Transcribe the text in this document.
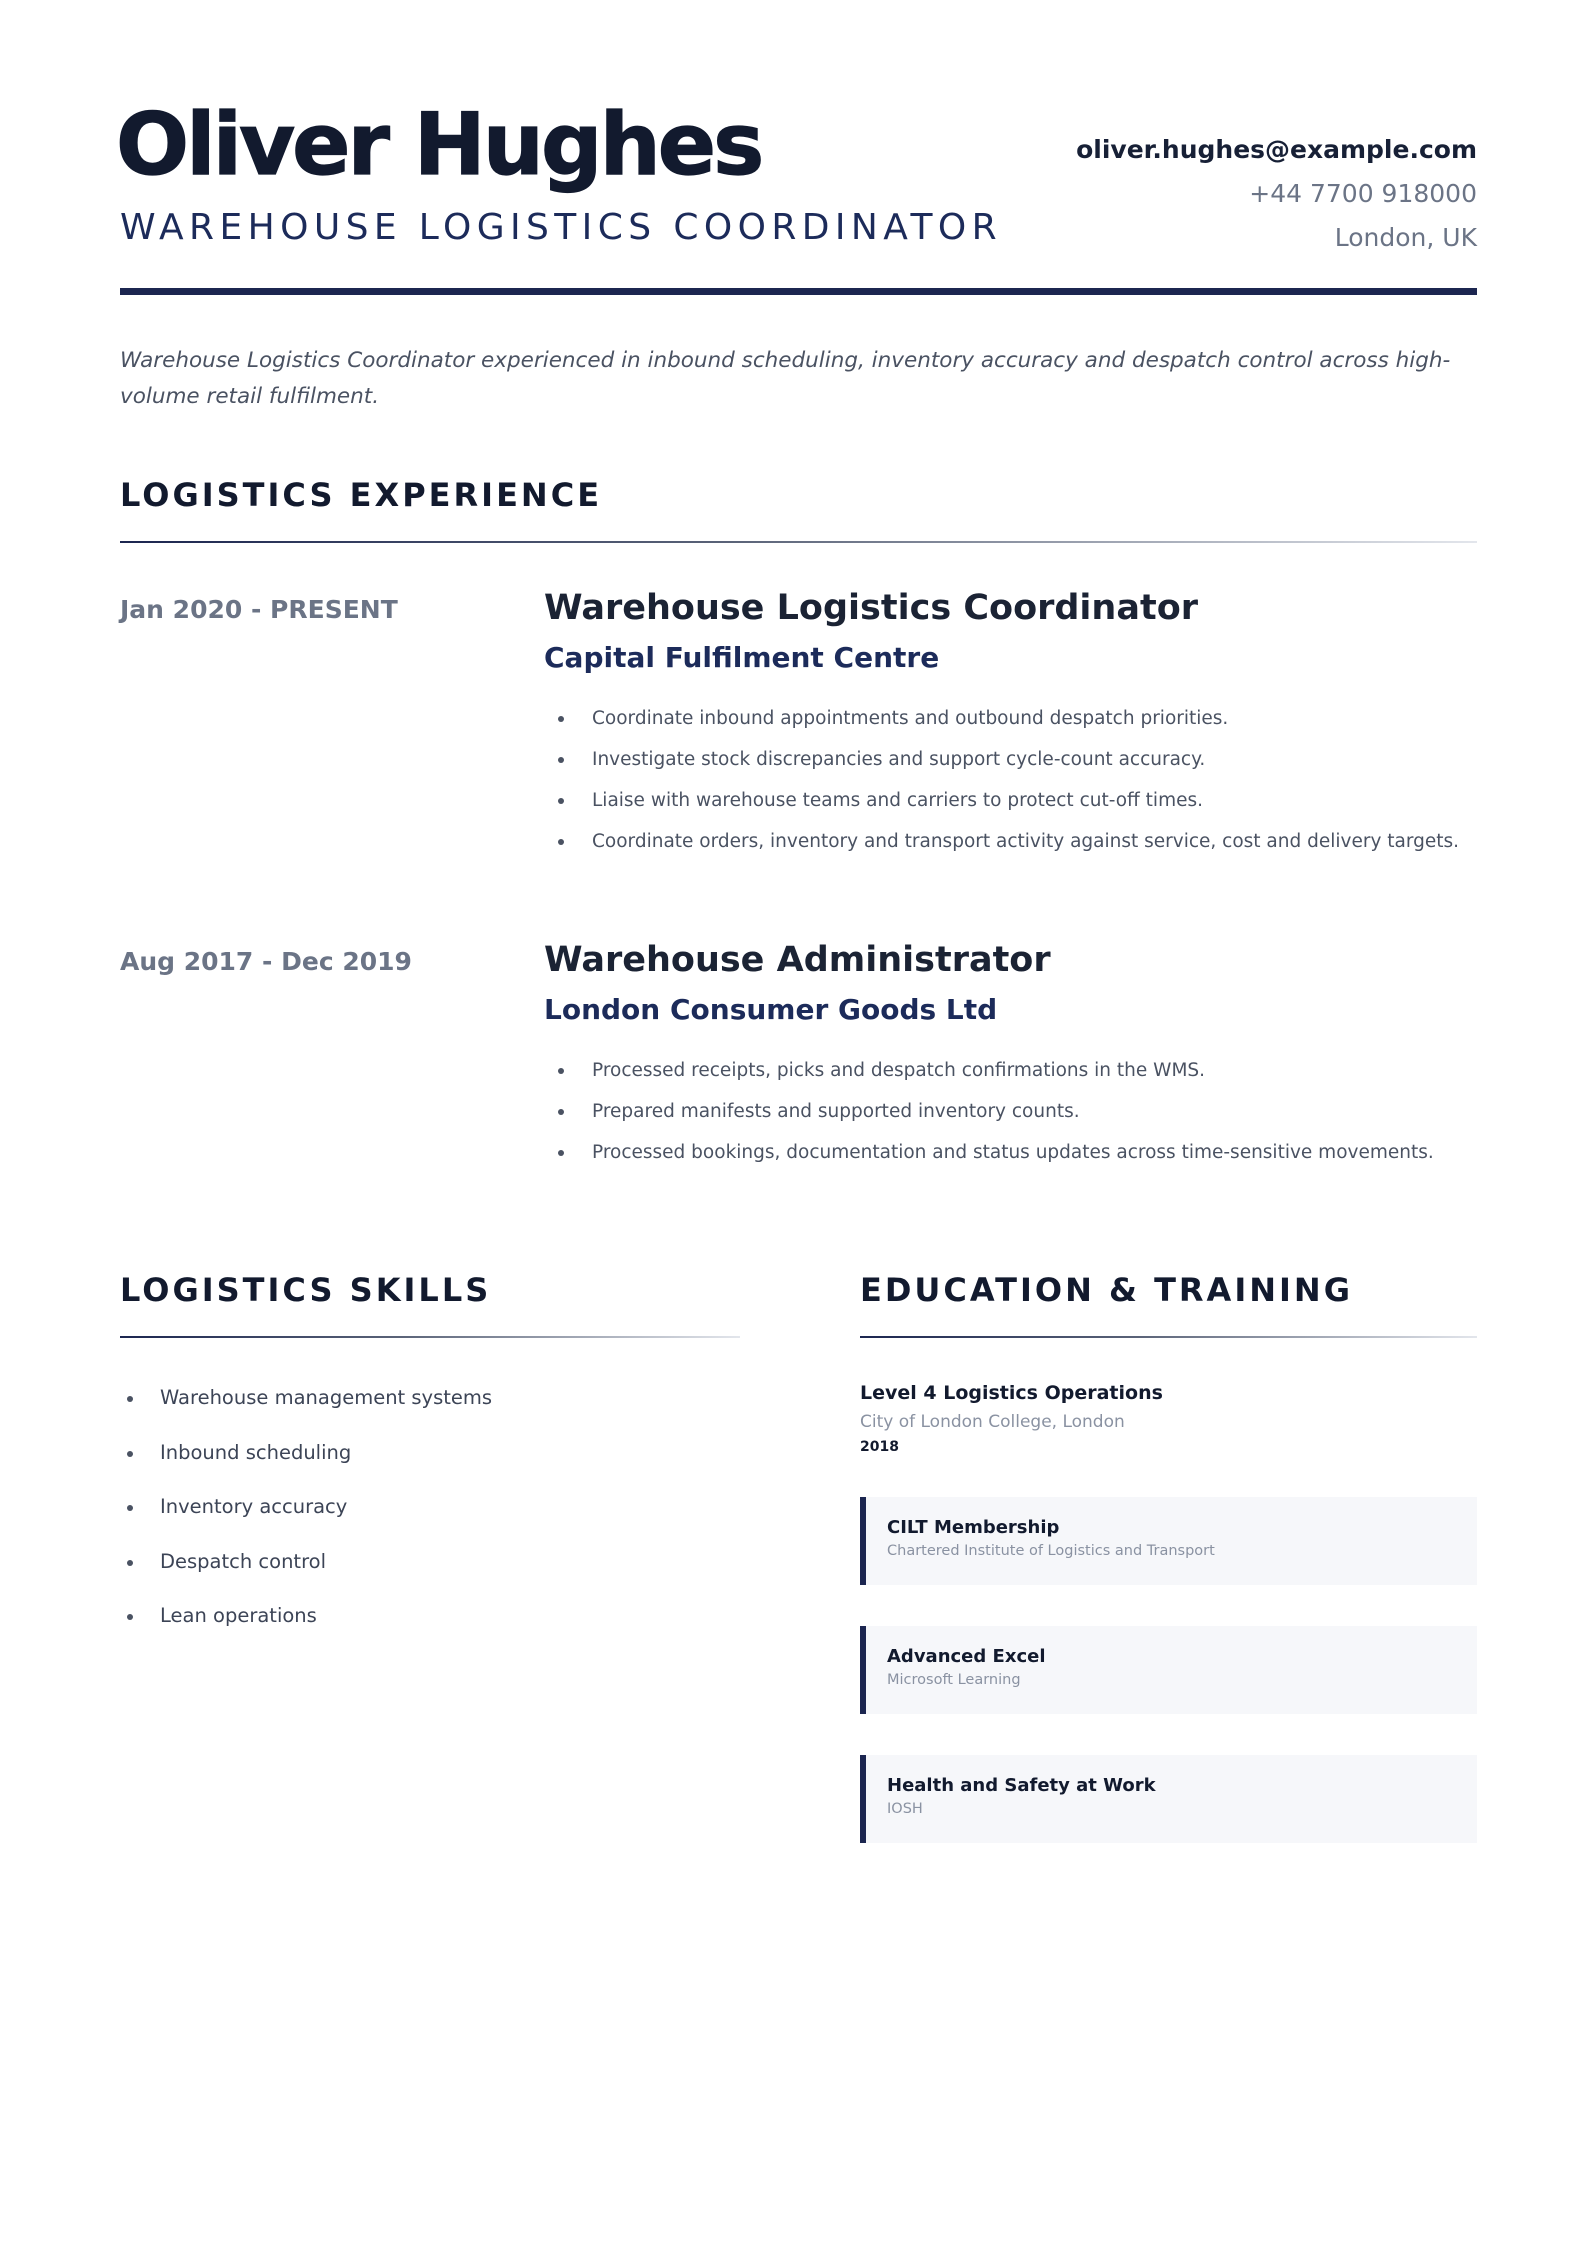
Oliver Hughes
WAREHOUSE LOGISTICS COORDINATOR
oliver.hughes@example.com
+44 7700 918000
London, UK

Warehouse Logistics Coordinator experienced in inbound scheduling, inventory accuracy and despatch control across high-volume retail fulfilment.

LOGISTICS EXPERIENCE
Jan 2020 - PRESENT	Warehouse Logistics Coordinator
Capital Fulfilment Centre
Coordinate inbound appointments and outbound despatch priorities.
Investigate stock discrepancies and support cycle-count accuracy.
Liaise with warehouse teams and carriers to protect cut-off times.
Coordinate orders, inventory and transport activity against service, cost and delivery targets.
Aug 2017 - Dec 2019	Warehouse Administrator
London Consumer Goods Ltd
Processed receipts, picks and despatch confirmations in the WMS.
Prepared manifests and supported inventory counts.
Processed bookings, documentation and status updates across time-sensitive movements.
LOGISTICS SKILLS
Warehouse management systems
Inbound scheduling
Inventory accuracy
Despatch control
Lean operations
EDUCATION & TRAINING
Level 4 Logistics Operations
City of London College, London
2018
CILT Membership
Chartered Institute of Logistics and Transport
Advanced Excel
Microsoft Learning
Health and Safety at Work
IOSH
